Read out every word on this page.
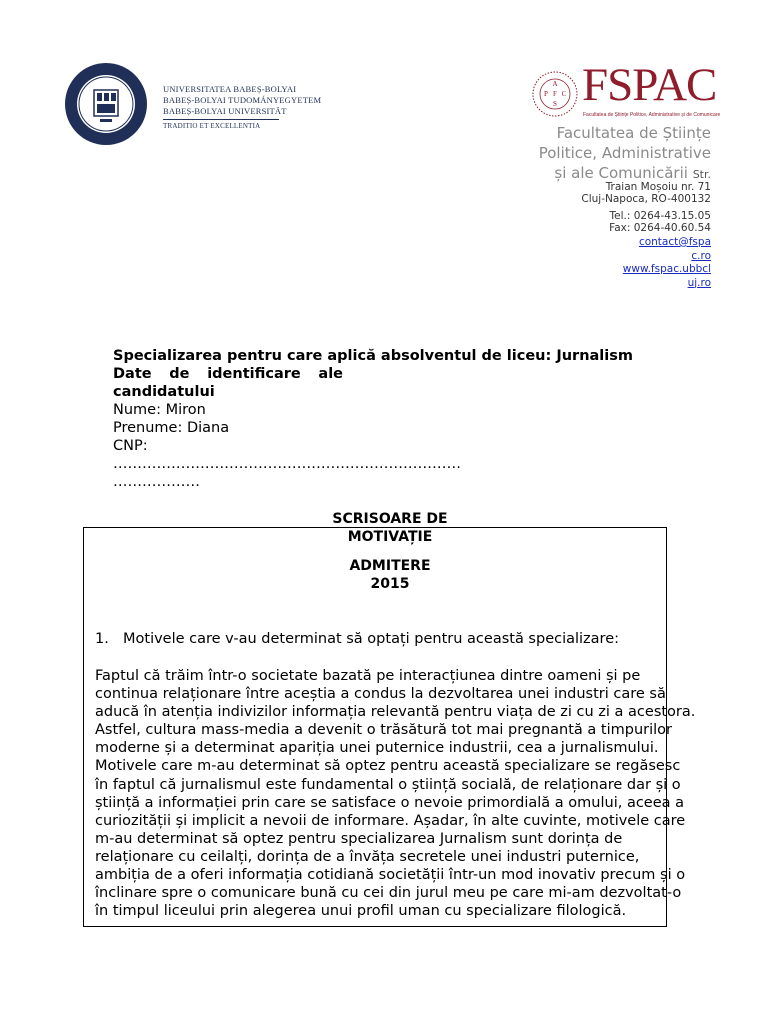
UNIVERSITATEA BABEȘ-BOLYAI
BABEȘ-BOLYAI TUDOMÁNYEGYETEM
BABEȘ-BOLYAI UNIVERSITÄT
TRADITIO ET EXCELLENTIA
A
P F C
S FSPAC
Facultatea de Științe Politice, Administrative și de Comunicare
Facultatea de Științe
Politice, Administrative
și ale Comunicării Str.
Traian Moșoiu nr. 71
Cluj-Napoca, RO-400132
Tel.: 0264-43.15.05
Fax: 0264-40.60.54
contact@fspa
c.ro
www.fspac.ubbcl
uj.ro
Specializarea pentru care aplică absolventul de liceu: Jurnalism
Date de identificare ale
candidatului
Nume: Miron
Prenume: Diana
CNP:
………………………………………………………………
………………
SCRISOARE DE
MOTIVAȚIE
ADMITERE
2015
1. Motivele care v-au determinat să optați pentru această specializare:
Faptul că trăim într-o societate bazată pe interacțiunea dintre oameni și pe
continua relaționare între aceștia a condus la dezvoltarea unei industri care să
aducă în atenția indivizilor informația relevantă pentru viața de zi cu zi a acestora.
Astfel, cultura mass-media a devenit o trăsătură tot mai pregnantă a timpurilor
moderne și a determinat apariția unei puternice industrii, cea a jurnalismului.
Motivele care m-au determinat să optez pentru această specializare se regăsesc
în faptul că jurnalismul este fundamental o știință socială, de relaționare dar și o
știință a informației prin care se satisface o nevoie primordială a omului, aceea a
curiozității și implicit a nevoii de informare. Așadar, în alte cuvinte, motivele care
m-au determinat să optez pentru specializarea Jurnalism sunt dorința de
relaționare cu ceilalți, dorința de a învăța secretele unei industri puternice,
ambiția de a oferi informația cotidiană societății într-un mod inovativ precum și o
înclinare spre o comunicare bună cu cei din jurul meu pe care mi-am dezvoltat-o
în timpul liceului prin alegerea unui profil uman cu specializare filologică.
